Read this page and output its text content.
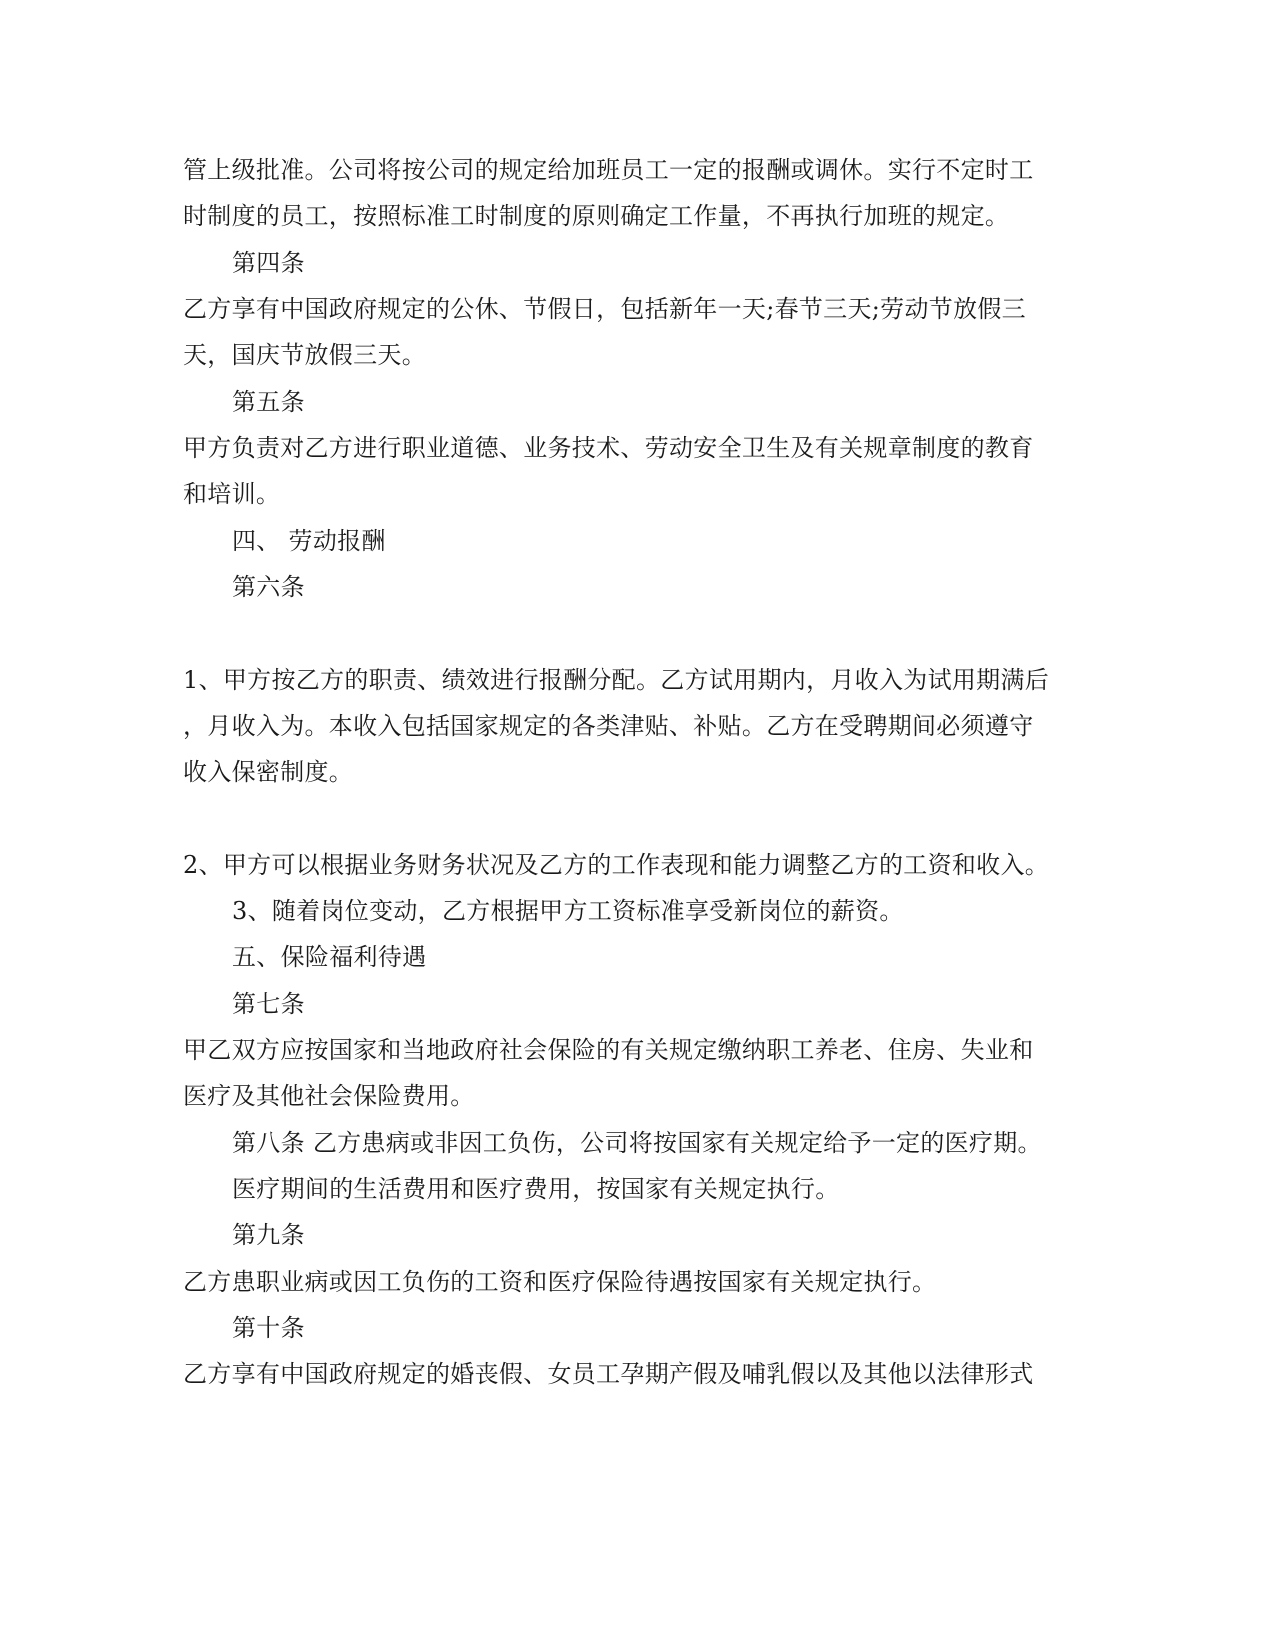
管上级批准。公司将按公司的规定给加班员工一定的报酬或调休。实行不定时工
时制度的员工，按照标准工时制度的原则确定工作量，不再执行加班的规定。
第四条
乙方享有中国政府规定的公休、节假日，包括新年一天;春节三天;劳动节放假三
天，国庆节放假三天。
第五条
甲方负责对乙方进行职业道德、业务技术、劳动安全卫生及有关规章制度的教育
和培训。
四、 劳动报酬
第六条
1、甲方按乙方的职责、绩效进行报酬分配。乙方试用期内，月收入为试用期满后
，月收入为。本收入包括国家规定的各类津贴、补贴。乙方在受聘期间必须遵守
收入保密制度。
2、甲方可以根据业务财务状况及乙方的工作表现和能力调整乙方的工资和收入。
3、随着岗位变动，乙方根据甲方工资标准享受新岗位的薪资。
五、保险福利待遇
第七条
甲乙双方应按国家和当地政府社会保险的有关规定缴纳职工养老、住房、失业和
医疗及其他社会保险费用。
第八条 乙方患病或非因工负伤，公司将按国家有关规定给予一定的医疗期。
医疗期间的生活费用和医疗费用，按国家有关规定执行。
第九条
乙方患职业病或因工负伤的工资和医疗保险待遇按国家有关规定执行。
第十条
乙方享有中国政府规定的婚丧假、女员工孕期产假及哺乳假以及其他以法律形式
